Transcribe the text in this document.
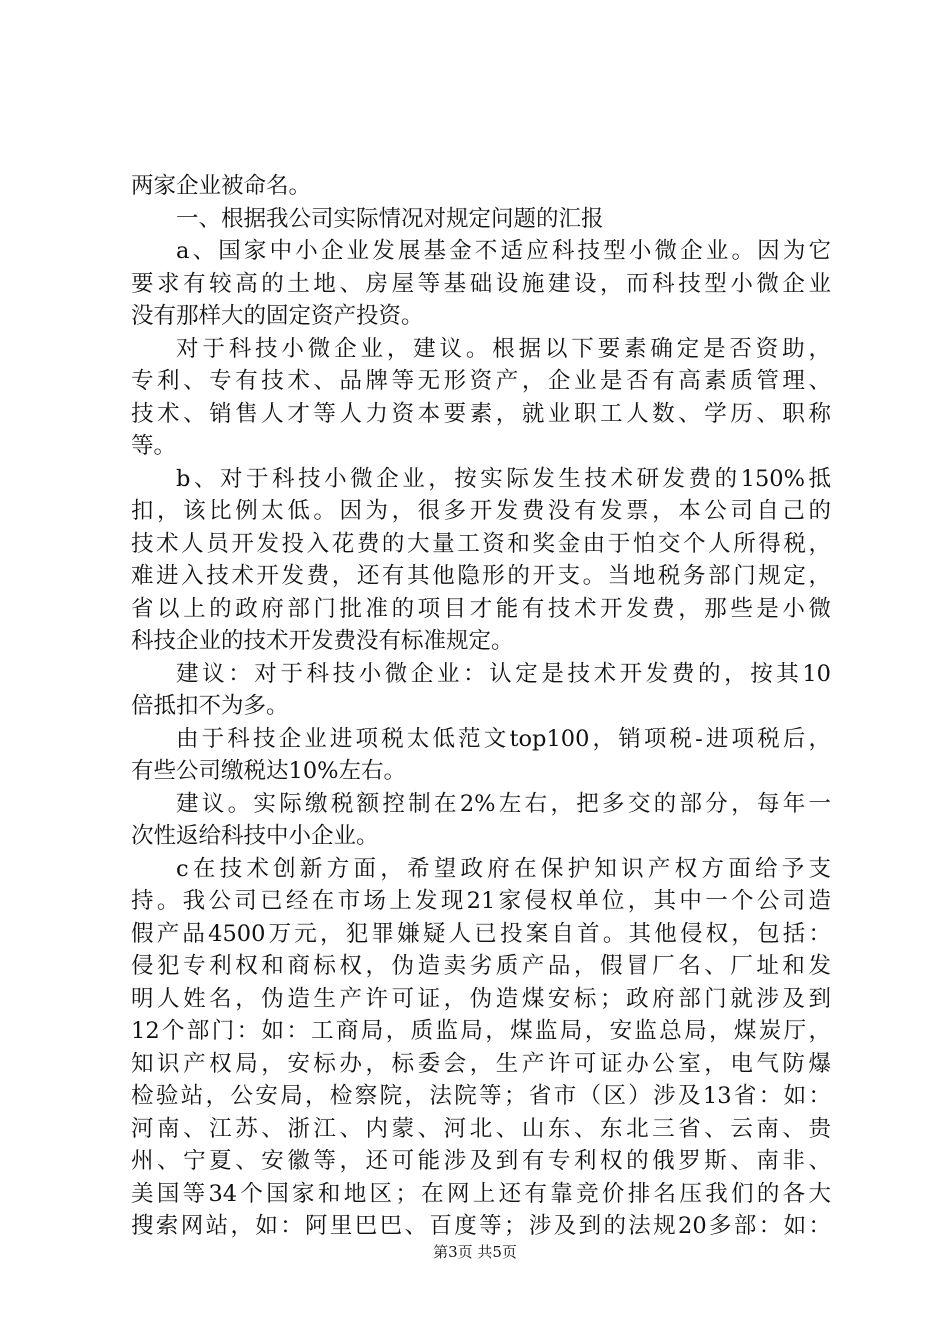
两家企业被命名。
一、根据我公司实际情况对规定问题的汇报
a、国家中小企业发展基金不适应科技型小微企业。因为它
要求有较高的土地、房屋等基础设施建设，而科技型小微企业
没有那样大的固定资产投资。
对于科技小微企业，建议。根据以下要素确定是否资助，
专利、专有技术、品牌等无形资产，企业是否有高素质管理、
技术、销售人才等人力资本要素，就业职工人数、学历、职称
等。
b、对于科技小微企业，按实际发生技术研发费的150%抵
扣，该比例太低。因为，很多开发费没有发票，本公司自己的
技术人员开发投入花费的大量工资和奖金由于怕交个人所得税，
难进入技术开发费，还有其他隐形的开支。当地税务部门规定，
省以上的政府部门批准的项目才能有技术开发费，那些是小微
科技企业的技术开发费没有标准规定。
建议：对于科技小微企业：认定是技术开发费的，按其10
倍抵扣不为多。
由于科技企业进项税太低范文top100，销项税-进项税后，
有些公司缴税达10%左右。
建议。实际缴税额控制在2%左右，把多交的部分，每年一
次性返给科技中小企业。
c在技术创新方面，希望政府在保护知识产权方面给予支
持。我公司已经在市场上发现21家侵权单位，其中一个公司造
假产品4500万元，犯罪嫌疑人已投案自首。其他侵权，包括：
侵犯专利权和商标权，伪造卖劣质产品，假冒厂名、厂址和发
明人姓名，伪造生产许可证，伪造煤安标；政府部门就涉及到
12个部门：如：工商局，质监局，煤监局，安监总局，煤炭厅，
知识产权局，安标办，标委会，生产许可证办公室，电气防爆
检验站，公安局，检察院，法院等；省市（区）涉及13省：如：
河南、江苏、浙江、内蒙、河北、山东、东北三省、云南、贵
州、宁夏、安徽等，还可能涉及到有专利权的俄罗斯、南非、
美国等34个国家和地区；在网上还有靠竞价排名压我们的各大
搜索网站，如：阿里巴巴、百度等；涉及到的法规20多部：如：
第3页 共5页
